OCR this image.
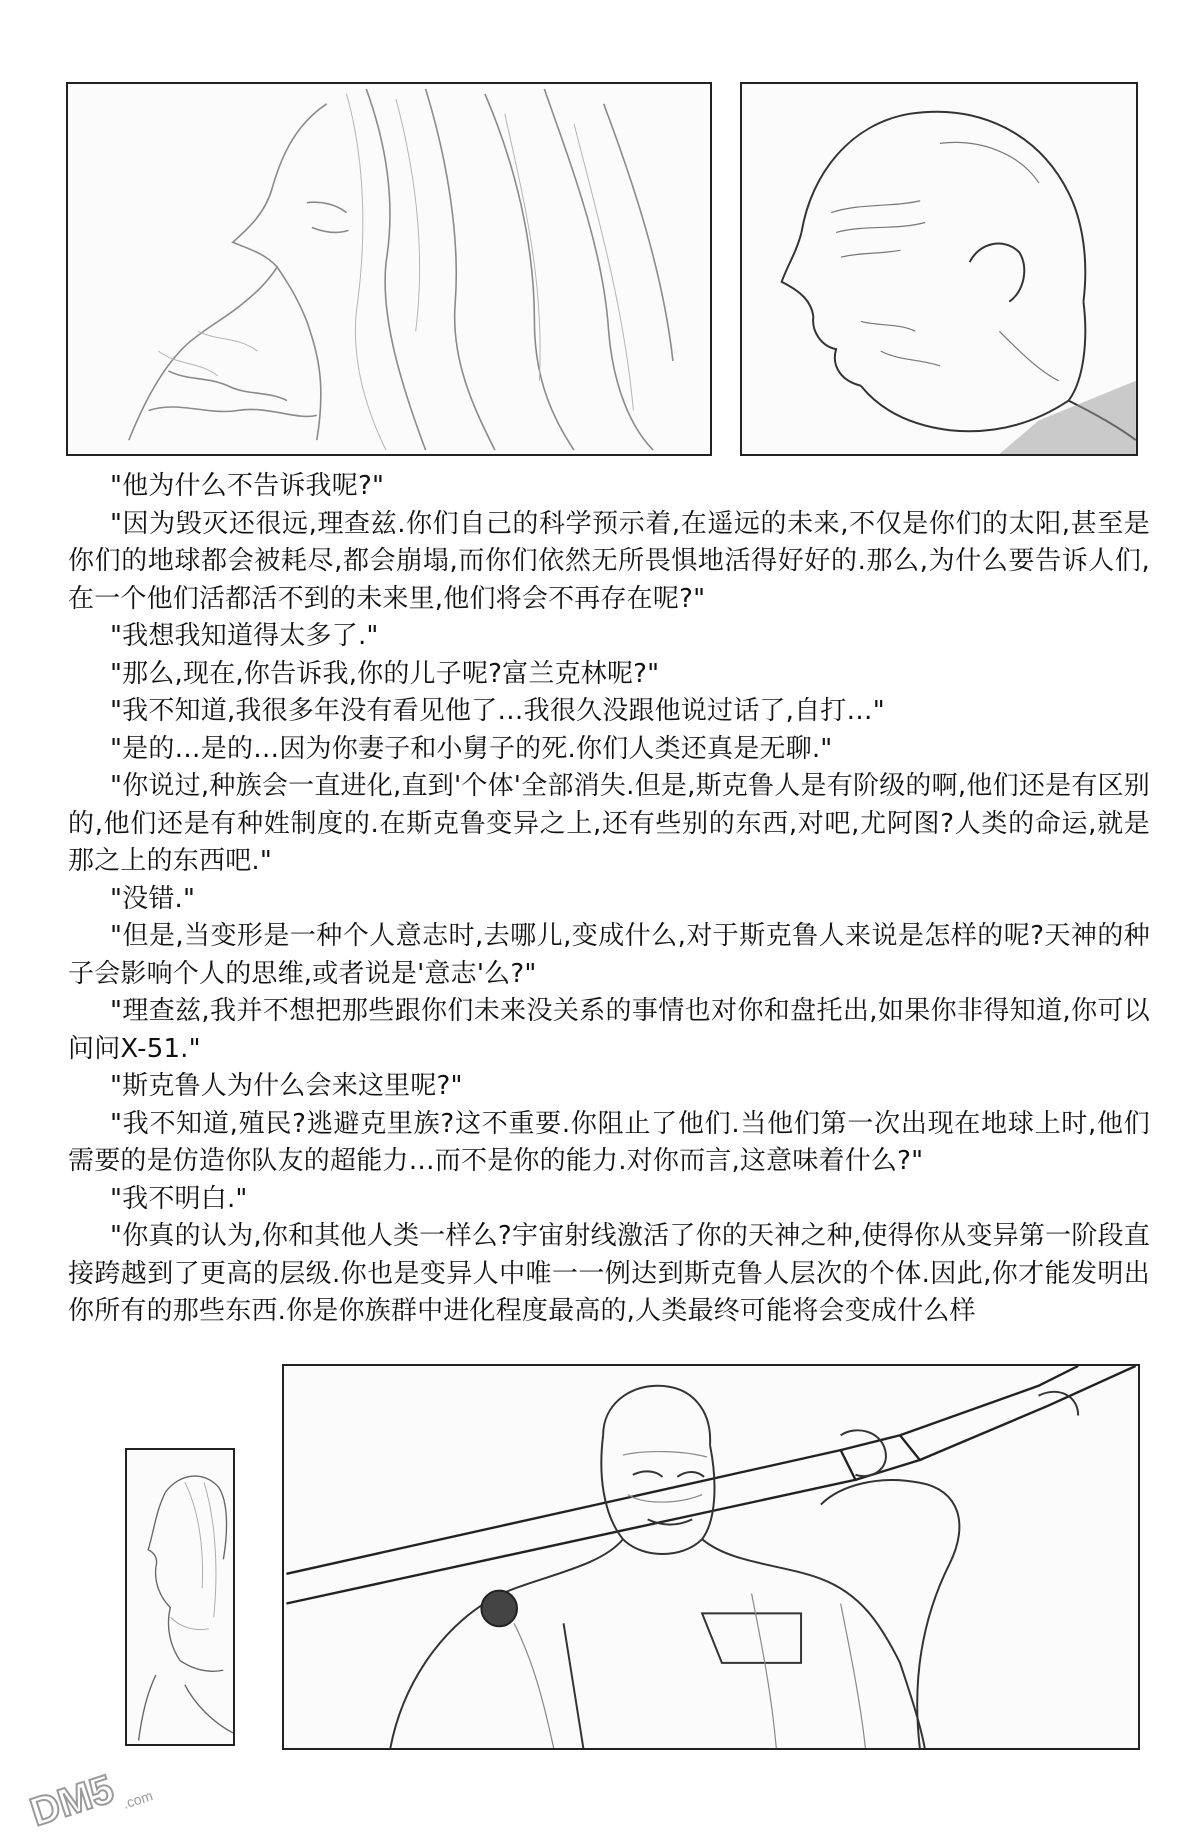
"他为什么不告诉我呢?"

"因为毁灭还很远,理查兹.你们自己的科学预示着,在遥远的未来,不仅是你们的太阳,甚至是你们的地球都会被耗尽,都会崩塌,而你们依然无所畏惧地活得好好的.那么,为什么要告诉人们,在一个他们活都活不到的未来里,他们将会不再存在呢?"

"我想我知道得太多了."

"那么,现在,你告诉我,你的儿子呢?富兰克林呢?"

"我不知道,我很多年没有看见他了…我很久没跟他说过话了,自打…"

"是的…是的…因为你妻子和小舅子的死.你们人类还真是无聊."

"你说过,种族会一直进化,直到'个体'全部消失.但是,斯克鲁人是有阶级的啊,他们还是有区别的,他们还是有种姓制度的.在斯克鲁变异之上,还有些别的东西,对吧,尤阿图?人类的命运,就是那之上的东西吧."

"没错."

"但是,当变形是一种个人意志时,去哪儿,变成什么,对于斯克鲁人来说是怎样的呢?天神的种子会影响个人的思维,或者说是'意志'么?"

"理查兹,我并不想把那些跟你们未来没关系的事情也对你和盘托出,如果你非得知道,你可以问问X-51."

"斯克鲁人为什么会来这里呢?"

"我不知道,殖民?逃避克里族?这不重要.你阻止了他们.当他们第一次出现在地球上时,他们需要的是仿造你队友的超能力…而不是你的能力.对你而言,这意味着什么?"

"我不明白."

"你真的认为,你和其他人类一样么?宇宙射线激活了你的天神之种,使得你从变异第一阶段直接跨越到了更高的层级.你也是变异人中唯一一例达到斯克鲁人层次的个体.因此,你才能发明出你所有的那些东西.你是你族群中进化程度最高的,人类最终可能将会变成什么样

DM5 .com
